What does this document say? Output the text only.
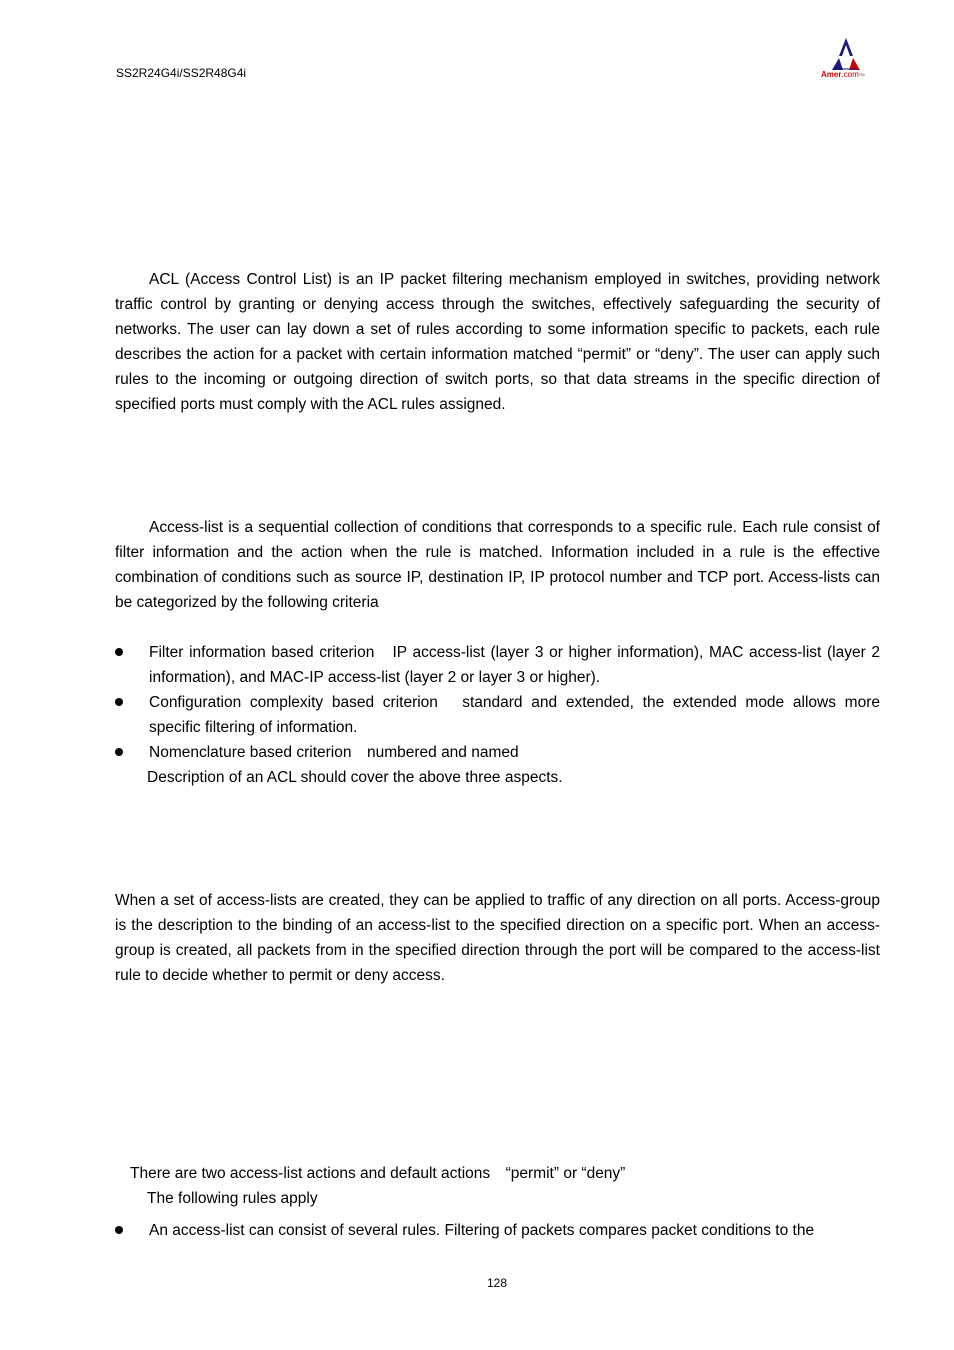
SS2R24G4i/SS2R48G4i	Amer.com™

ACL (Access Control List) is an IP packet filtering mechanism employed in switches, providing network traffic control by granting or denying access through the switches, effectively safeguarding the security of networks. The user can lay down a set of rules according to some information specific to packets, each rule describes the action for a packet with certain information matched “permit” or “deny”. The user can apply such rules to the incoming or outgoing direction of switch ports, so that data streams in the specific direction of specified ports must comply with the ACL rules assigned.

Access-list is a sequential collection of conditions that corresponds to a specific rule. Each rule consist of filter information and the action when the rule is matched. Information included in a rule is the effective combination of conditions such as source IP, destination IP, IP protocol number and TCP port. Access-lists can be categorized by the following criteria

Filter information based criterion　IP access-list (layer 3 or higher information), MAC access-list (layer 2 information), and MAC-IP access-list (layer 2 or layer 3 or higher).
Configuration complexity based criterion　standard and extended, the extended mode allows more specific filtering of information.
Nomenclature based criterion　numbered and named
Description of an ACL should cover the above three aspects.

When a set of access-lists are created, they can be applied to traffic of any direction on all ports. Access-group is the description to the binding of an access-list to the specified direction on a specific port. When an access-group is created, all packets from in the specified direction through the port will be compared to the access-list rule to decide whether to permit or deny access.

There are two access-list actions and default actions　“permit” or “deny”
The following rules apply
An access-list can consist of several rules. Filtering of packets compares packet conditions to the
128
